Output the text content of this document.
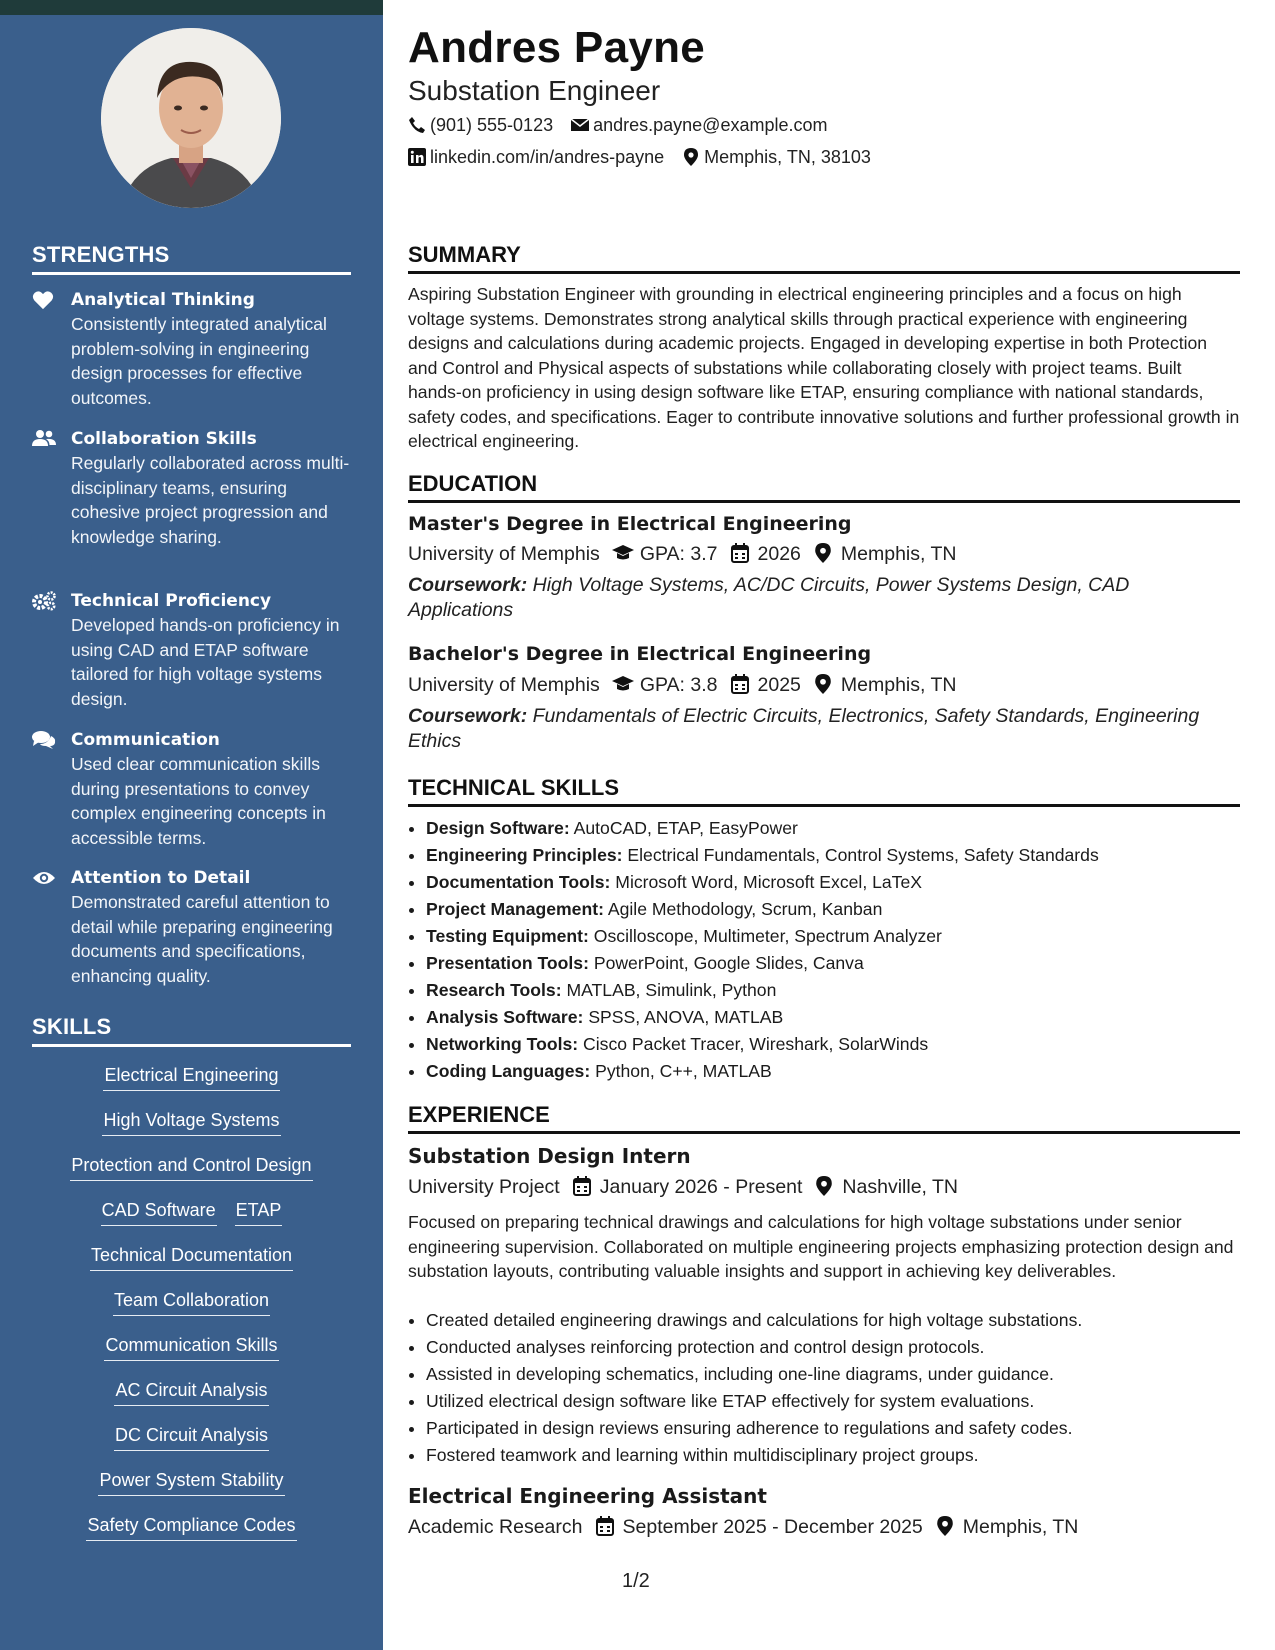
STRENGTHS
Analytical Thinking
Consistently integrated analytical problem-solving in engineering design processes for effective outcomes.
Collaboration Skills
Regularly collaborated across multi-disciplinary teams, ensuring cohesive project progression and knowledge sharing.
Technical Proficiency
Developed hands-on proficiency in using CAD and ETAP software tailored for high voltage systems design.
Communication
Used clear communication skills during presentations to convey complex engineering concepts in accessible terms.
Attention to Detail
Demonstrated careful attention to detail while preparing engineering documents and specifications, enhancing quality.
SKILLS
Electrical Engineering
High Voltage Systems
Protection and Control Design
CAD Software ETAP
Technical Documentation
Team Collaboration
Communication Skills
AC Circuit Analysis
DC Circuit Analysis
Power System Stability
Safety Compliance Codes
Andres Payne
Substation Engineer
(901) 555-0123 andres.payne@example.com
linkedin.com/in/andres-payne Memphis, TN, 38103
SUMMARY
Aspiring Substation Engineer with grounding in electrical engineering principles and a focus on high voltage systems. Demonstrates strong analytical skills through practical experience with engineering designs and calculations during academic projects. Engaged in developing expertise in both Protection and Control and Physical aspects of substations while collaborating closely with project teams. Built hands-on proficiency in using design software like ETAP, ensuring compliance with national standards, safety codes, and specifications. Eager to contribute innovative solutions and further professional growth in electrical engineering.
EDUCATION
Master's Degree in Electrical Engineering
University of Memphis GPA: 3.7 2026 Memphis, TN
Coursework: High Voltage Systems, AC/DC Circuits, Power Systems Design, CAD Applications
Bachelor's Degree in Electrical Engineering
University of Memphis GPA: 3.8 2025 Memphis, TN
Coursework: Fundamentals of Electric Circuits, Electronics, Safety Standards, Engineering Ethics
TECHNICAL SKILLS
• Design Software: AutoCAD, ETAP, EasyPower
• Engineering Principles: Electrical Fundamentals, Control Systems, Safety Standards
• Documentation Tools: Microsoft Word, Microsoft Excel, LaTeX
• Project Management: Agile Methodology, Scrum, Kanban
• Testing Equipment: Oscilloscope, Multimeter, Spectrum Analyzer
• Presentation Tools: PowerPoint, Google Slides, Canva
• Research Tools: MATLAB, Simulink, Python
• Analysis Software: SPSS, ANOVA, MATLAB
• Networking Tools: Cisco Packet Tracer, Wireshark, SolarWinds
• Coding Languages: Python, C++, MATLAB
EXPERIENCE
Substation Design Intern
University Project January 2026 - Present Nashville, TN
Focused on preparing technical drawings and calculations for high voltage substations under senior engineering supervision. Collaborated on multiple engineering projects emphasizing protection design and substation layouts, contributing valuable insights and support in achieving key deliverables.
• Created detailed engineering drawings and calculations for high voltage substations.
• Conducted analyses reinforcing protection and control design protocols.
• Assisted in developing schematics, including one-line diagrams, under guidance.
• Utilized electrical design software like ETAP effectively for system evaluations.
• Participated in design reviews ensuring adherence to regulations and safety codes.
• Fostered teamwork and learning within multidisciplinary project groups.
Electrical Engineering Assistant
Academic Research September 2025 - December 2025 Memphis, TN
1/2
